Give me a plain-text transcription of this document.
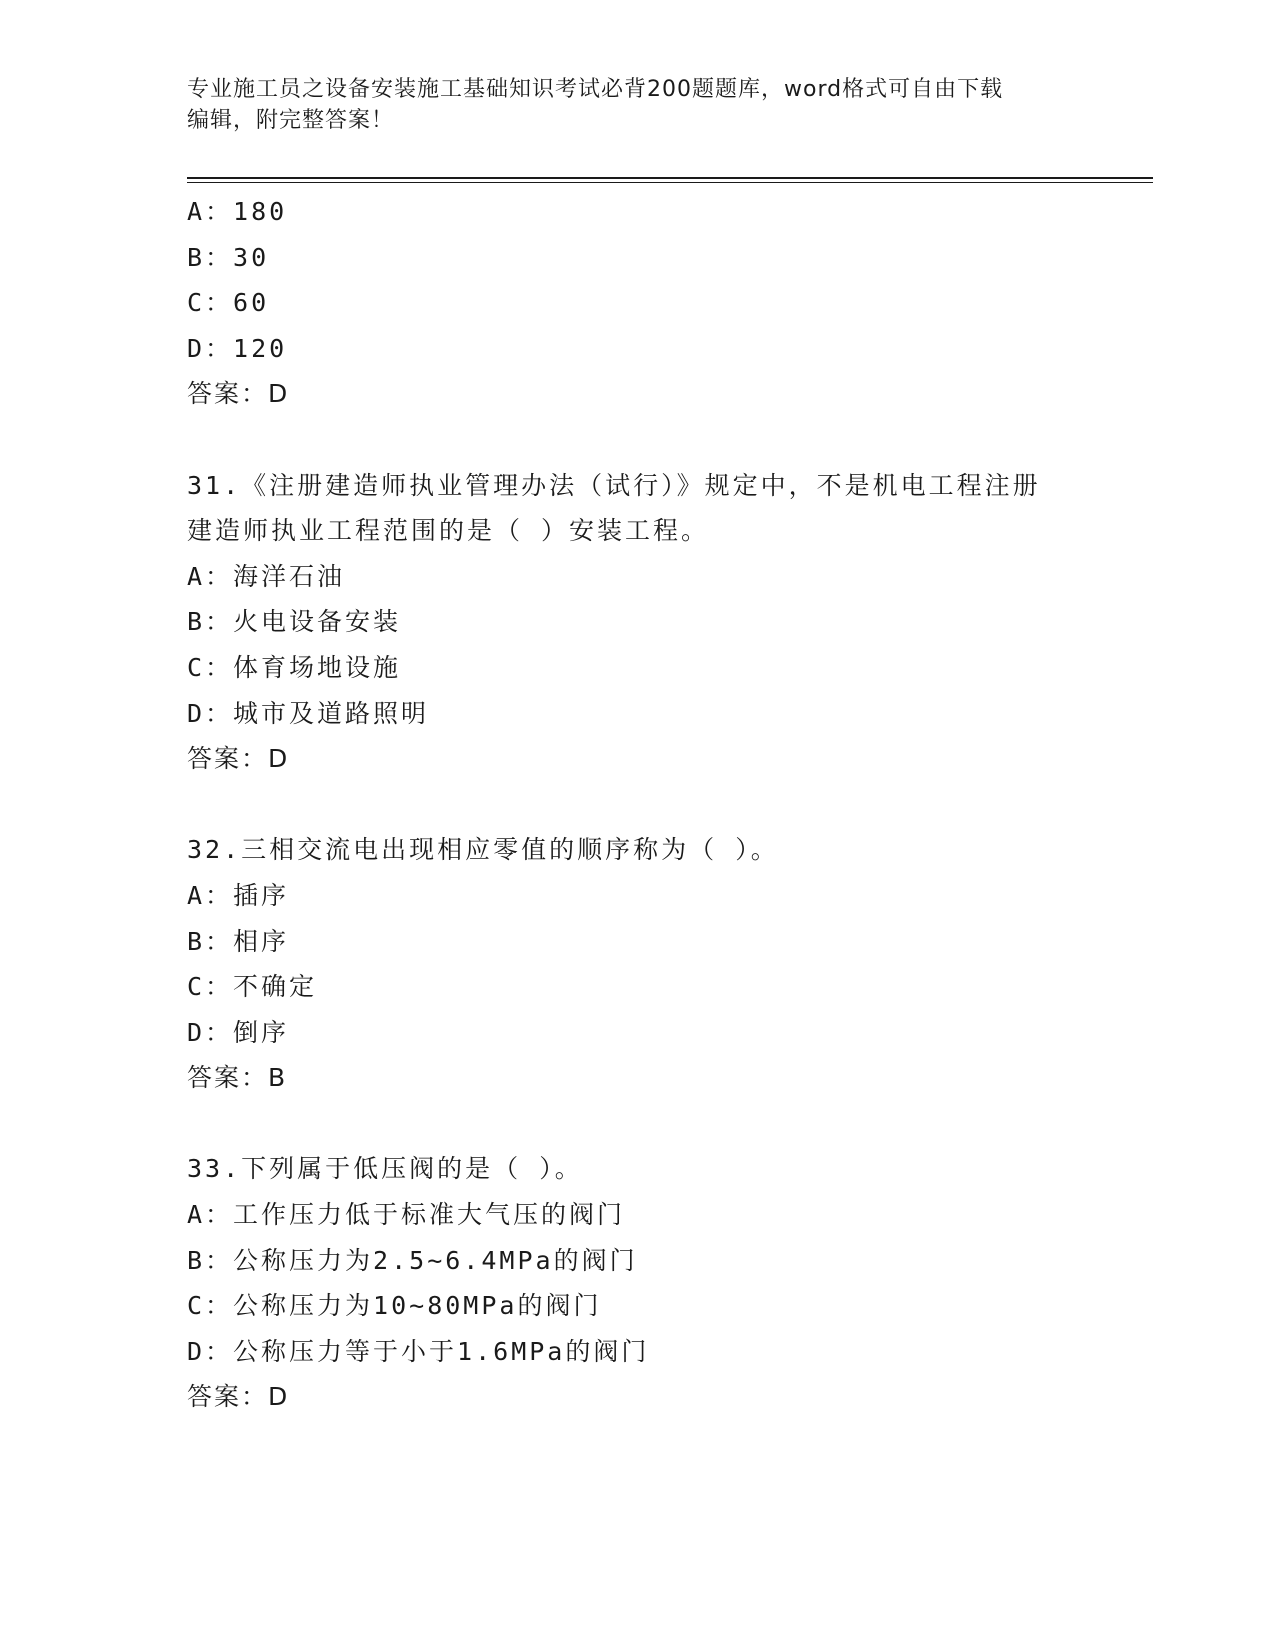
专业施工员之设备安装施工基础知识考试必背200题题库，word格式可自由下载
编辑，附完整答案！
A：180
B：30
C：60
D：120
答案：D
31.《注册建造师执业管理办法（试行）》规定中，不是机电工程注册
建造师执业工程范围的是（ ）安装工程。
A：海洋石油
B：火电设备安装
C：体育场地设施
D：城市及道路照明
答案：D
32.三相交流电出现相应零值的顺序称为（ ）。
A：插序
B：相序
C：不确定
D：倒序
答案：B
33.下列属于低压阀的是（ ）。
A：工作压力低于标准大气压的阀门
B：公称压力为2.5~6.4MPa的阀门
C：公称压力为10~80MPa的阀门
D：公称压力等于小于1.6MPa的阀门
答案：D
